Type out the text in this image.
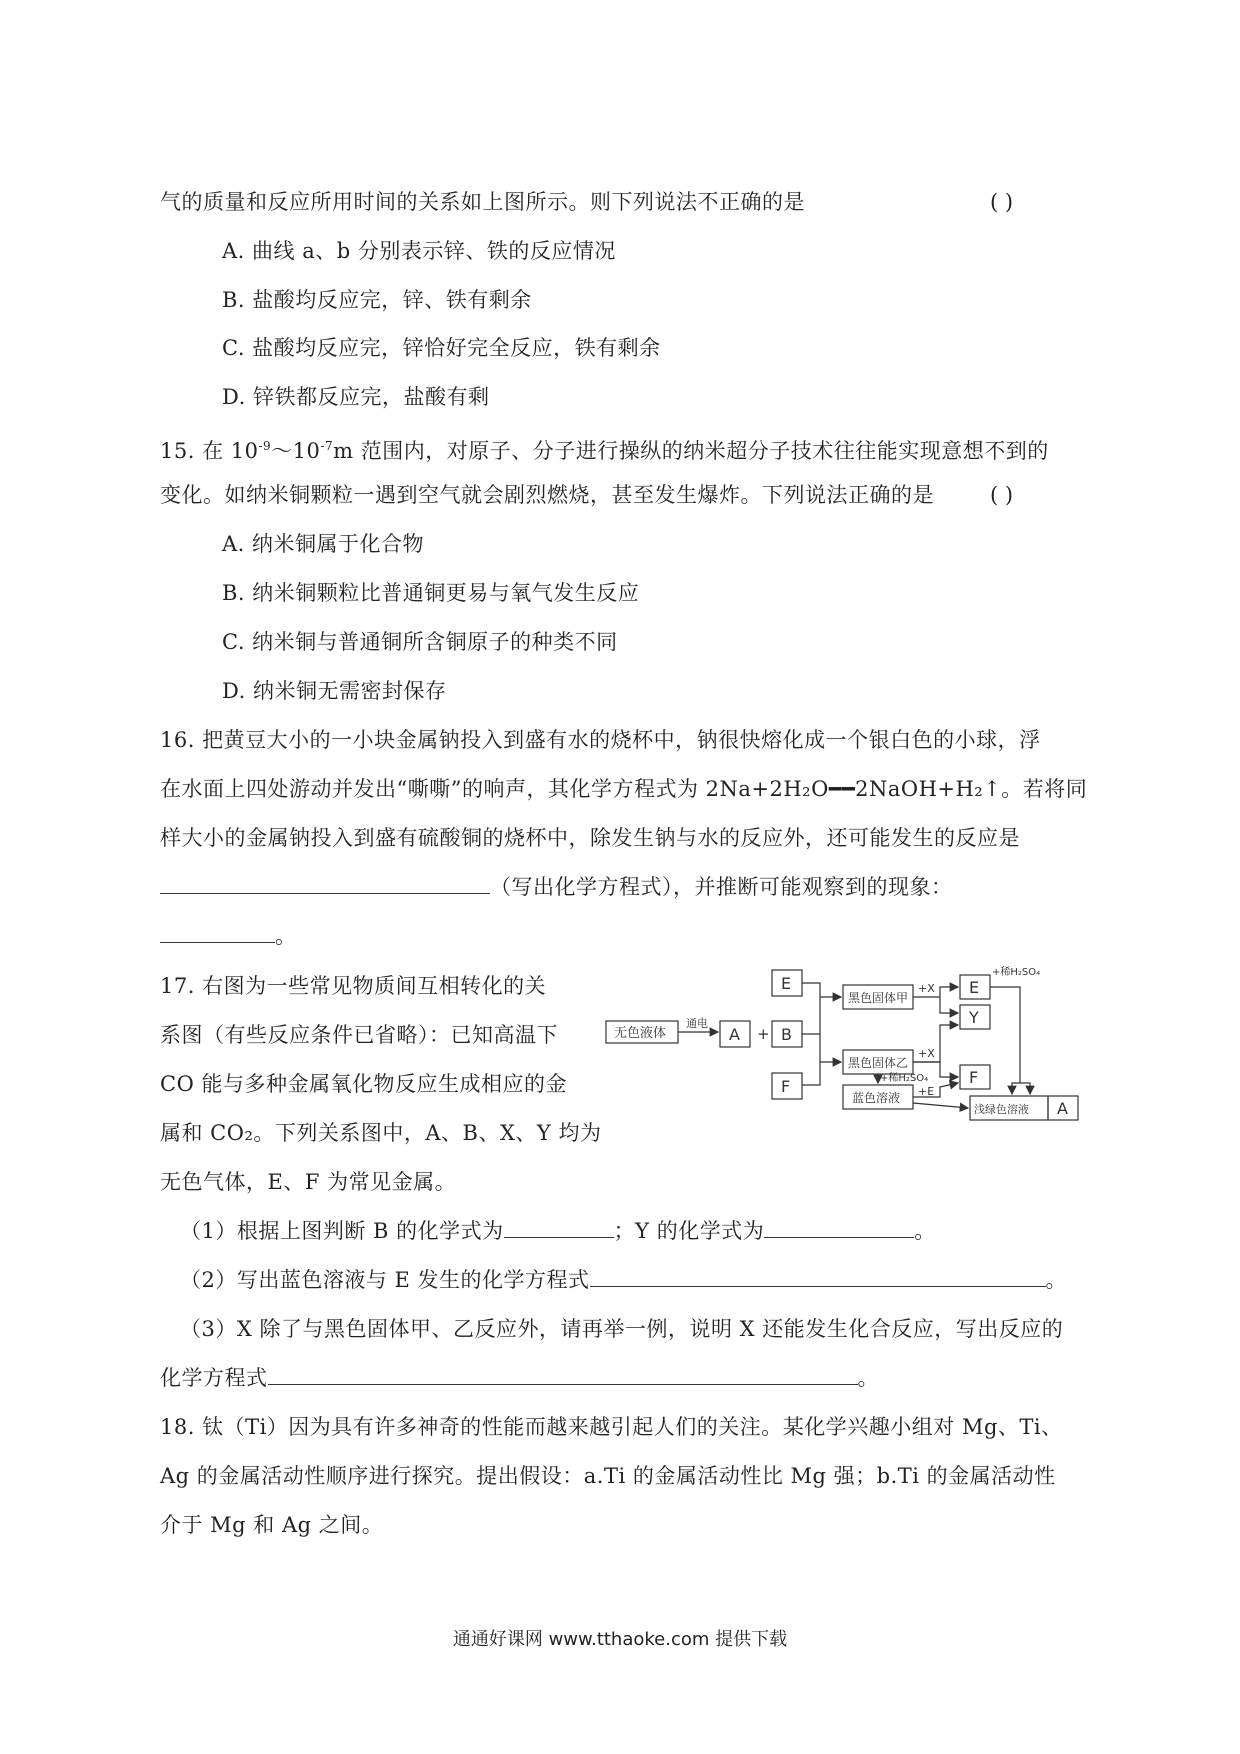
气的质量和反应所用时间的关系如上图所示。则下列说法不正确的是	( )
A. 曲线 a、b 分别表示锌、铁的反应情况
B. 盐酸均反应完，锌、铁有剩余
C. 盐酸均反应完，锌恰好完全反应，铁有剩余
D. 锌铁都反应完，盐酸有剩
15. 在 $10^{-9}\sim 10^{-7}m$ 范围内，对原子、分子进行操纵的纳米超分子技术往往能实现意想不到的
变化。如纳米铜颗粒一遇到空气就会剧烈燃烧，甚至发生爆炸。下列说法正确的是	( )
A. 纳米铜属于化合物
B. 纳米铜颗粒比普通铜更易与氧气发生反应
C. 纳米铜与普通铜所含铜原子的种类不同
D. 纳米铜无需密封保存
16. 把黄豆大小的一小块金属钠投入到盛有水的烧杯中，钠很快熔化成一个银白色的小球，浮
在水面上四处游动并发出“嘶嘶”的响声，其化学方程式为 2Na+2H₂O━━2NaOH+H₂↑。若将同
样大小的金属钠投入到盛有硫酸铜的烧杯中，除发生钠与水的反应外，还可能发生的反应是
（写出化学方程式），并推断可能观察到的现象：
。
17. 右图为一些常见物质间互相转化的关
系图（有些反应条件已省略）：已知高温下
CO 能与多种金属氧化物反应生成相应的金
属和 CO₂。下列关系图中，A、B、X、Y 均为
无色气体，E、F 为常见金属。
无色液体
通电
A + B
E
F
黑色固体甲
黑色固体乙
蓝色溶液
+X
+X
+稀H₂SO₄
+稀H₂SO₄
+E
E
Y
F
浅绿色溶液 A
（1）根据上图判断 B 的化学式为	；Y 的化学式为	。
（2）写出蓝色溶液与 E 发生的化学方程式	。
（3）X 除了与黑色固体甲、乙反应外，请再举一例，说明 X 还能发生化合反应，写出反应的
化学方程式	。
18. 钛（Ti）因为具有许多神奇的性能而越来越引起人们的关注。某化学兴趣小组对 Mg、Ti、
Ag 的金属活动性顺序进行探究。提出假设：a.Ti 的金属活动性比 Mg 强；b.Ti 的金属活动性
介于 Mg 和 Ag 之间。
通通好课网 www.tthaoke.com 提供下载
